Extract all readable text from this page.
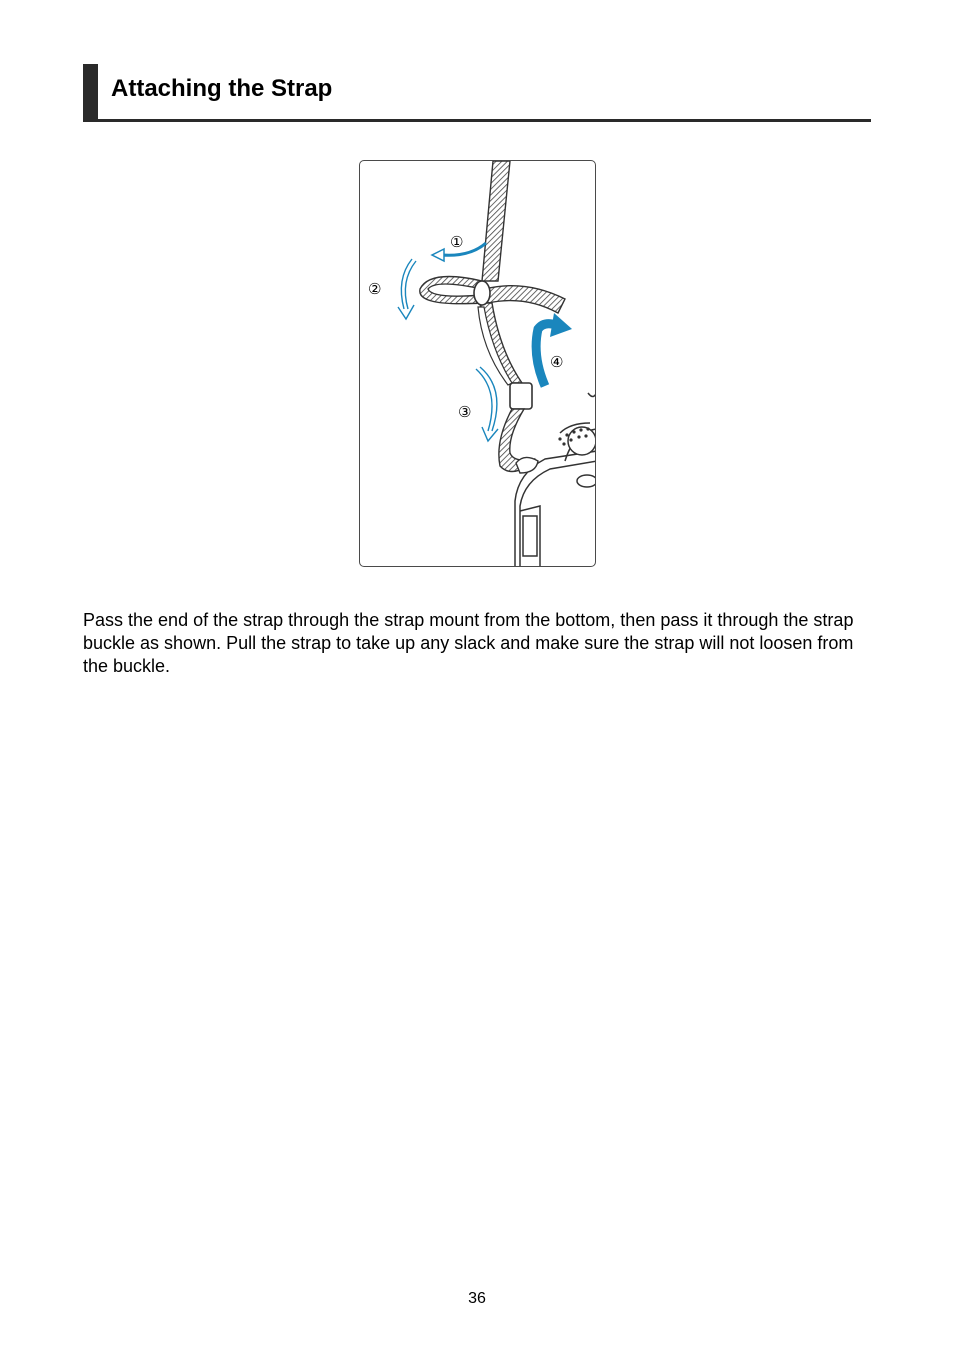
Attaching the Strap
①
②
③
④

Pass the end of the strap through the strap mount from the bottom, then pass it through the strap buckle as shown. Pull the strap to take up any slack and make sure the strap will not loosen from the buckle.

36
